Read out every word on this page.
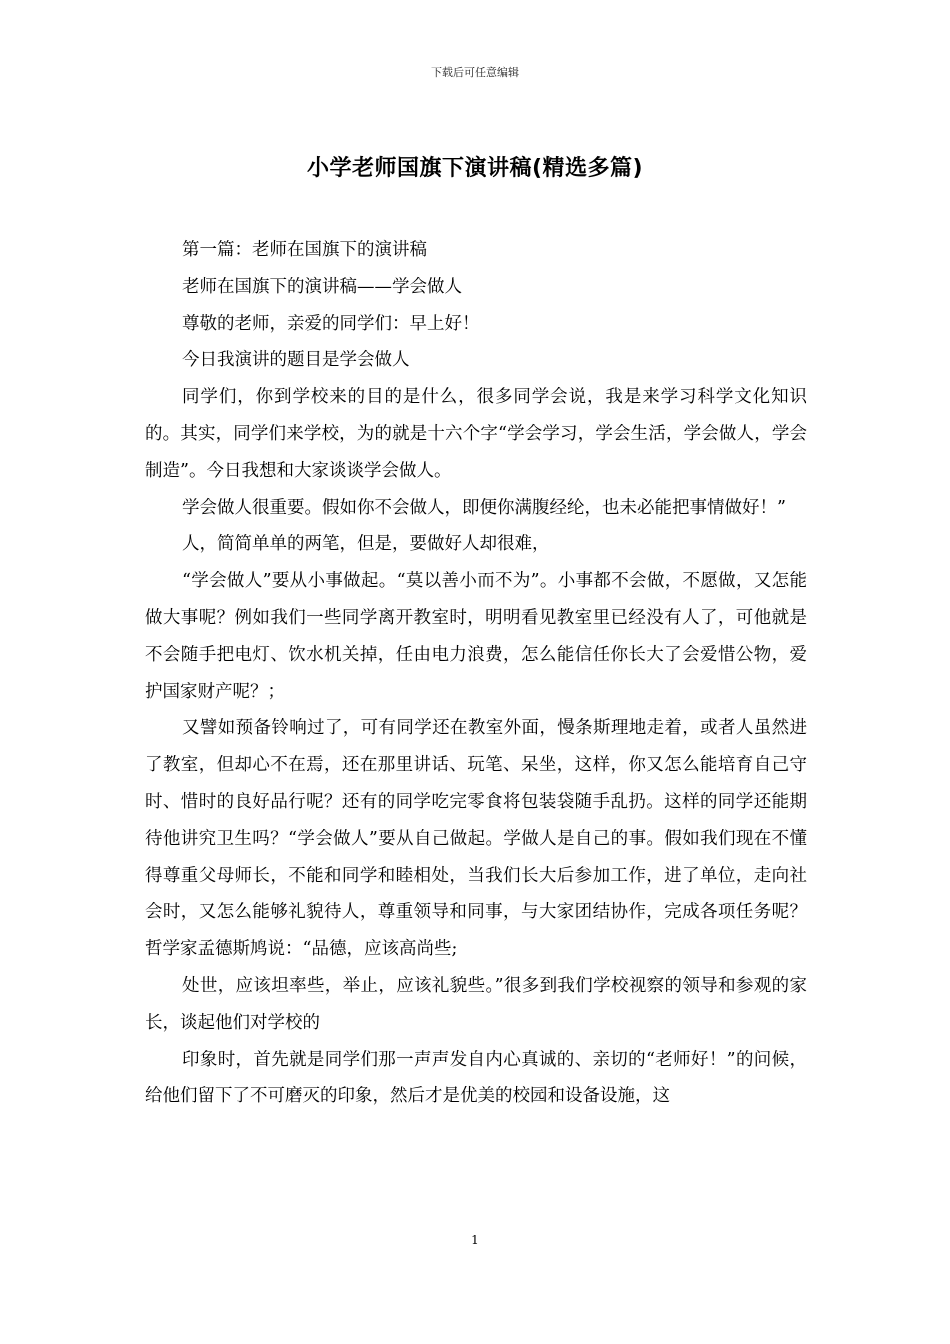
下载后可任意编辑
小学老师国旗下演讲稿(精选多篇)

第一篇：老师在国旗下的演讲稿

老师在国旗下的演讲稿——学会做人

尊敬的老师，亲爱的同学们：早上好！

今日我演讲的题目是学会做人

同学们，你到学校来的目的是什么，很多同学会说，我是来学习科学文化知识的。其实，同学们来学校，为的就是十六个字“学会学习，学会生活，学会做人，学会制造”。今日我想和大家谈谈学会做人。

学会做人很重要。假如你不会做人，即便你满腹经纶，也未必能把事情做好！”

人，简简单单的两笔，但是，要做好人却很难，

“学会做人”要从小事做起。“莫以善小而不为”。小事都不会做，不愿做，又怎能做大事呢？例如我们一些同学离开教室时，明明看见教室里已经没有人了，可他就是不会随手把电灯、饮水机关掉，任由电力浪费，怎么能信任你长大了会爱惜公物，爱护国家财产呢？；

又譬如预备铃响过了，可有同学还在教室外面，慢条斯理地走着，或者人虽然进了教室，但却心不在焉，还在那里讲话、玩笔、呆坐，这样，你又怎么能培育自己守时、惜时的良好品行呢？还有的同学吃完零食将包装袋随手乱扔。这样的同学还能期待他讲究卫生吗？“学会做人”要从自己做起。学做人是自己的事。假如我们现在不懂得尊重父母师长，不能和同学和睦相处，当我们长大后参加工作，进了单位，走向社会时，又怎么能够礼貌待人，尊重领导和同事，与大家团结协作，完成各项任务呢？哲学家孟德斯鸠说：“品德，应该高尚些;

处世，应该坦率些，举止，应该礼貌些。”很多到我们学校视察的领导和参观的家长，谈起他们对学校的

印象时，首先就是同学们那一声声发自内心真诚的、亲切的“老师好！”的问候，给他们留下了不可磨灭的印象，然后才是优美的校园和设备设施，这

1
